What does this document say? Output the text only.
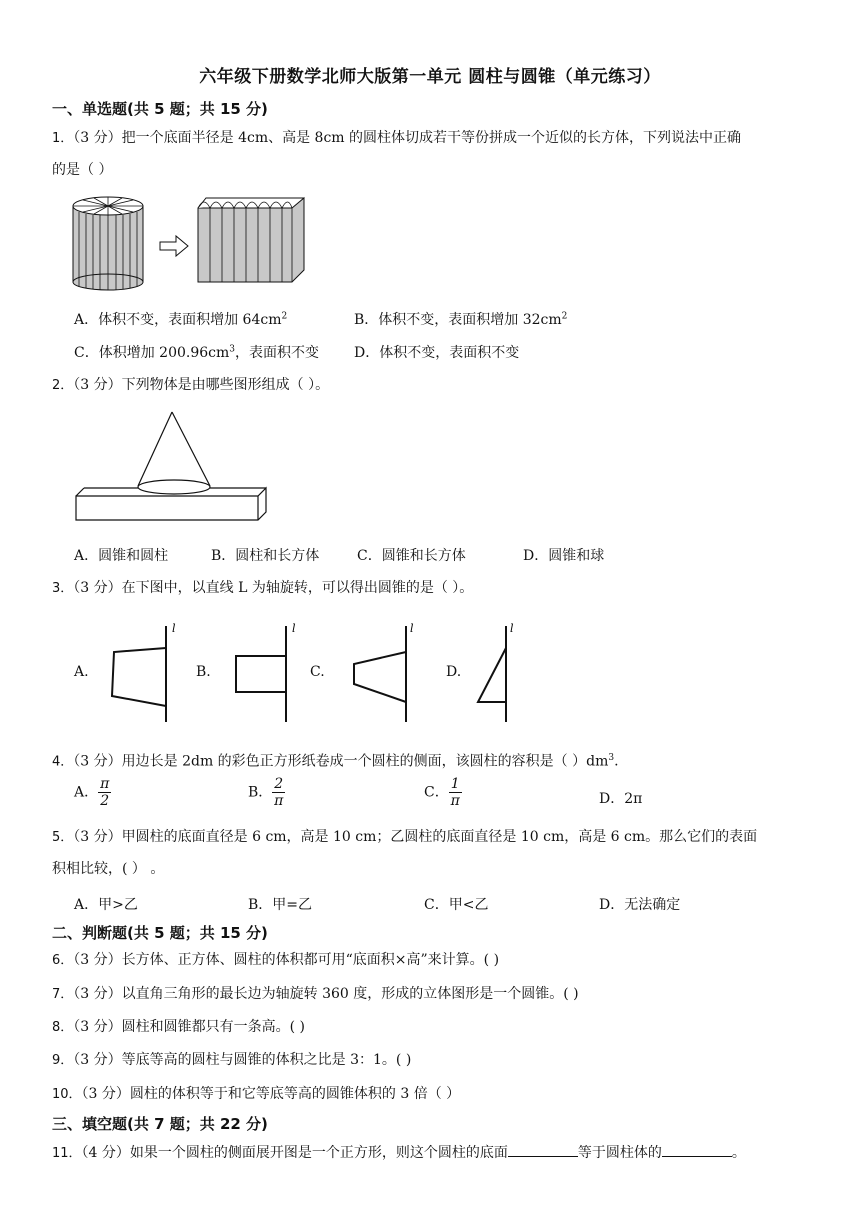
六年级下册数学北师大版第一单元 圆柱与圆锥（单元练习）
一、单选题(共 5 题；共 15 分)
1．（3 分）把一个底面半径是 4cm、高是 8cm 的圆柱体切成若干等份拼成一个近似的长方体，下列说法中正确
的是（ ）
A．体积不变，表面积增加 $64cm^2$	B．体积不变，表面积增加 $32cm^2$
C．体积增加 $200.96cm^3$，表面积不变	D．体积不变，表面积不变
2．（3 分）下列物体是由哪些图形组成（ ）。
A．圆锥和圆柱	B．圆柱和长方体	C．圆锥和长方体	D．圆锥和球
3．（3 分）在下图中，以直线 L 为轴旋转，可以得出圆锥的是（ ）。
A.
l
B.
l
C.
l
D.
l
4．（3 分）用边长是 2dm 的彩色正方形纸卷成一个圆柱的侧面，该圆柱的容积是（ ）$dm^3$.
A． $\frac{\pi}{2}$	B． $\frac{2}{\pi}$	C． $\frac{1}{\pi}$	D．2π
5．（3 分）甲圆柱的底面直径是 6 cm，高是 10 cm；乙圆柱的底面直径是 10 cm，高是 6 cm。那么它们的表面
积相比较，( ） 。
A．甲>乙	B．甲=乙	C．甲<乙	D．无法确定
二、判断题(共 5 题；共 15 分)
6．（3 分）长方体、正方体、圆柱的体积都可用“底面积×高”来计算。( )
7．（3 分）以直角三角形的最长边为轴旋转 360 度，形成的立体图形是一个圆锥。( )
8．（3 分）圆柱和圆锥都只有一条高。( )
9．（3 分）等底等高的圆柱与圆锥的体积之比是 3：1。( )
10．（3 分）圆柱的体积等于和它等底等高的圆锥体积的 3 倍（ ）
三、填空题(共 7 题；共 22 分)
11．（4 分）如果一个圆柱的侧面展开图是一个正方形，则这个圆柱的底面	等于圆柱体的	。
